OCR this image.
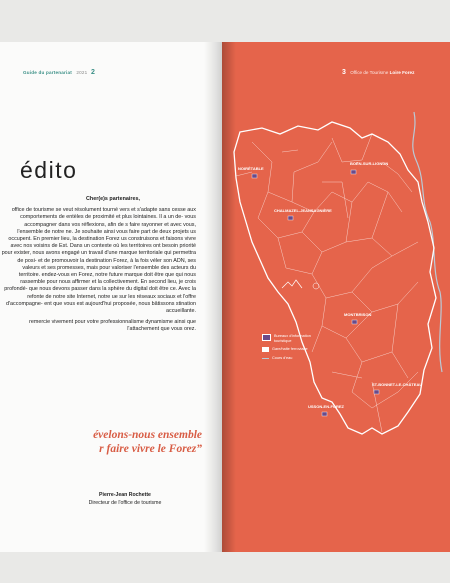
Guide du partenariat 2021 2
édito

Cher(e)s partenaires,

office de tourisme se veut résolument tourné vers et s'adapte sans cesse aux comportements de entèles de proximité et plus lointaines. Il a un de- vous accompagner dans vos réflexions, afin de s faire rayonner et avec vous, l'ensemble de notre ne. Je souhaite ainsi vous faire part de deux projets us occupent. En premier lieu, la destination Forez us construisons et faisons vivre avec nos voisins de Est. Dans un contexte où les territoires ont besoin priorité pour exister, nous avons engagé un travail d'une marque territoriale qui permettra de posi- et de promouvoir la destination Forez, à la fois véler son ADN, ses valeurs et ses promesses, mais pour valoriser l'ensemble des acteurs du territoire. endez-vous en Forez, notre future marque doit être que qui nous rassemble pour nous affirmer et la collectivement. En second lieu, je crois profondé- que nous devons passer dans la sphère du digital doit être ce. Avec la refonte de notre site Internet, notre ue sur les réseaux sociaux et l'offre d'accompagne- ent que vous est aujourd'hui proposée, nous bâtissons stination accueillante.

remercie vivement pour votre professionnalisme dynamisme ainsi que l'attachement que vous orez.

évelons-nous ensemble
r faire vivre le Forez”
Pierre-Jean Rochette
Directeur de l'office de tourisme
3 Office de Tourisme Loire Forez
NOIRÉTABLE
BOËN-SUR-LIGNON
CHALMAZEL-JEANSAGNIÈRE
MONTBRISON
ST-BONNET-LE-CHÂTEAU
USSON-EN-FOREZ
Bureaux d'information touristique
Gare/halte ferroviaire
Cours d'eau
